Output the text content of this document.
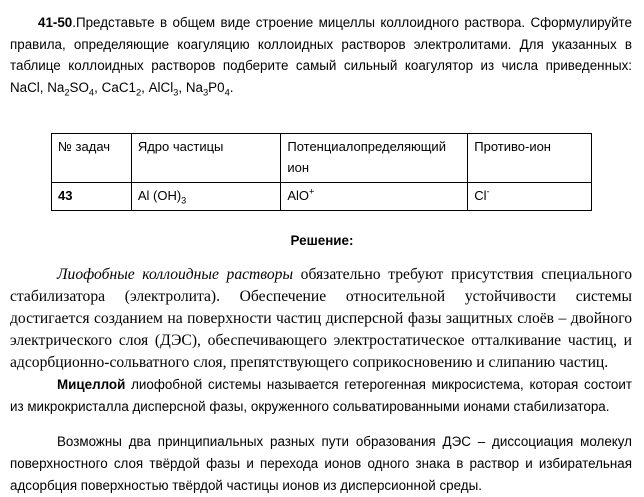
41-50.Представьте в общем виде строение мицеллы коллоидного раствора. Сформулируйте правила, определяющие коагуляцию коллоидных растворов электролитами. Для указанных в таблице коллоидных растворов подберите самый сильный коагулятор из числа приведенных: NaCl, $Na_2SO_4$, $СаС1_2$, AlCl$_3$, $Na_3P0_4$.

№ задач	Ядро частицы	Потенциалопределяющий ион	Противо-ион
43	Al $(OH)_3$	AlO+	Cl-

Решение:

Лиофобные коллоидные растворы обязательно требуют присутствия специального стабилизатора (электролита). Обеспечение относительной устойчивости системы достигается созданием на поверхности частиц дисперсной фазы защитных слоёв – двойного электрического слоя (ДЭС), обеспечивающего электростатическое отталкивание частиц, и адсорбционно-сольватного слоя, препятствующего соприкосновению и слипанию частиц.

Мицеллой лиофобной системы называется гетерогенная микросистема, которая состоит из микрокристалла дисперсной фазы, окруженного сольватированными ионами стабилизатора.

Возможны два принципиальных разных пути образования ДЭС – диссоциация молекул поверхностного слоя твёрдой фазы и перехода ионов одного знака в раствор и избирательная адсорбция поверхностью твёрдой частицы ионов из дисперсионной среды.
